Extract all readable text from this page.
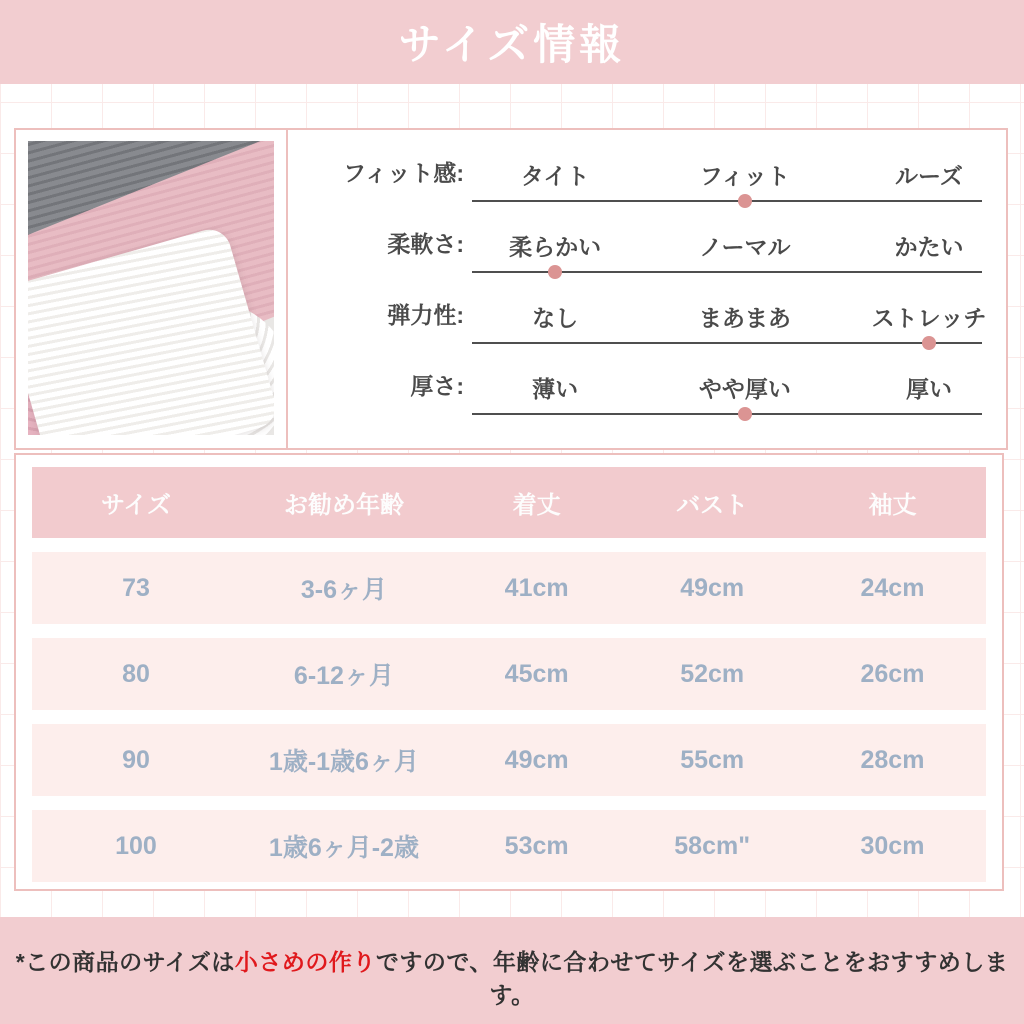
サイズ情報
フィット感: タイト	フィット	ルーズ
柔軟さ: 柔らかい	ノーマル	かたい
弾力性:	なし	まあまあ	ストレッチ
厚さ:	薄い	やや厚い	厚い
サイズ	お勧め年齢	着丈	バスト	袖丈
73	3-6ヶ月	41cm	49cm	24cm
80	6-12ヶ月	45cm	52cm	26cm
90	1歳-1歳6ヶ月	49cm	55cm	28cm
100	1歳6ヶ月-2歳	53cm	58cm"	30cm
*この商品のサイズは小さめの作りですので、年齢に合わせてサイズを選ぶことをおすすめします。
